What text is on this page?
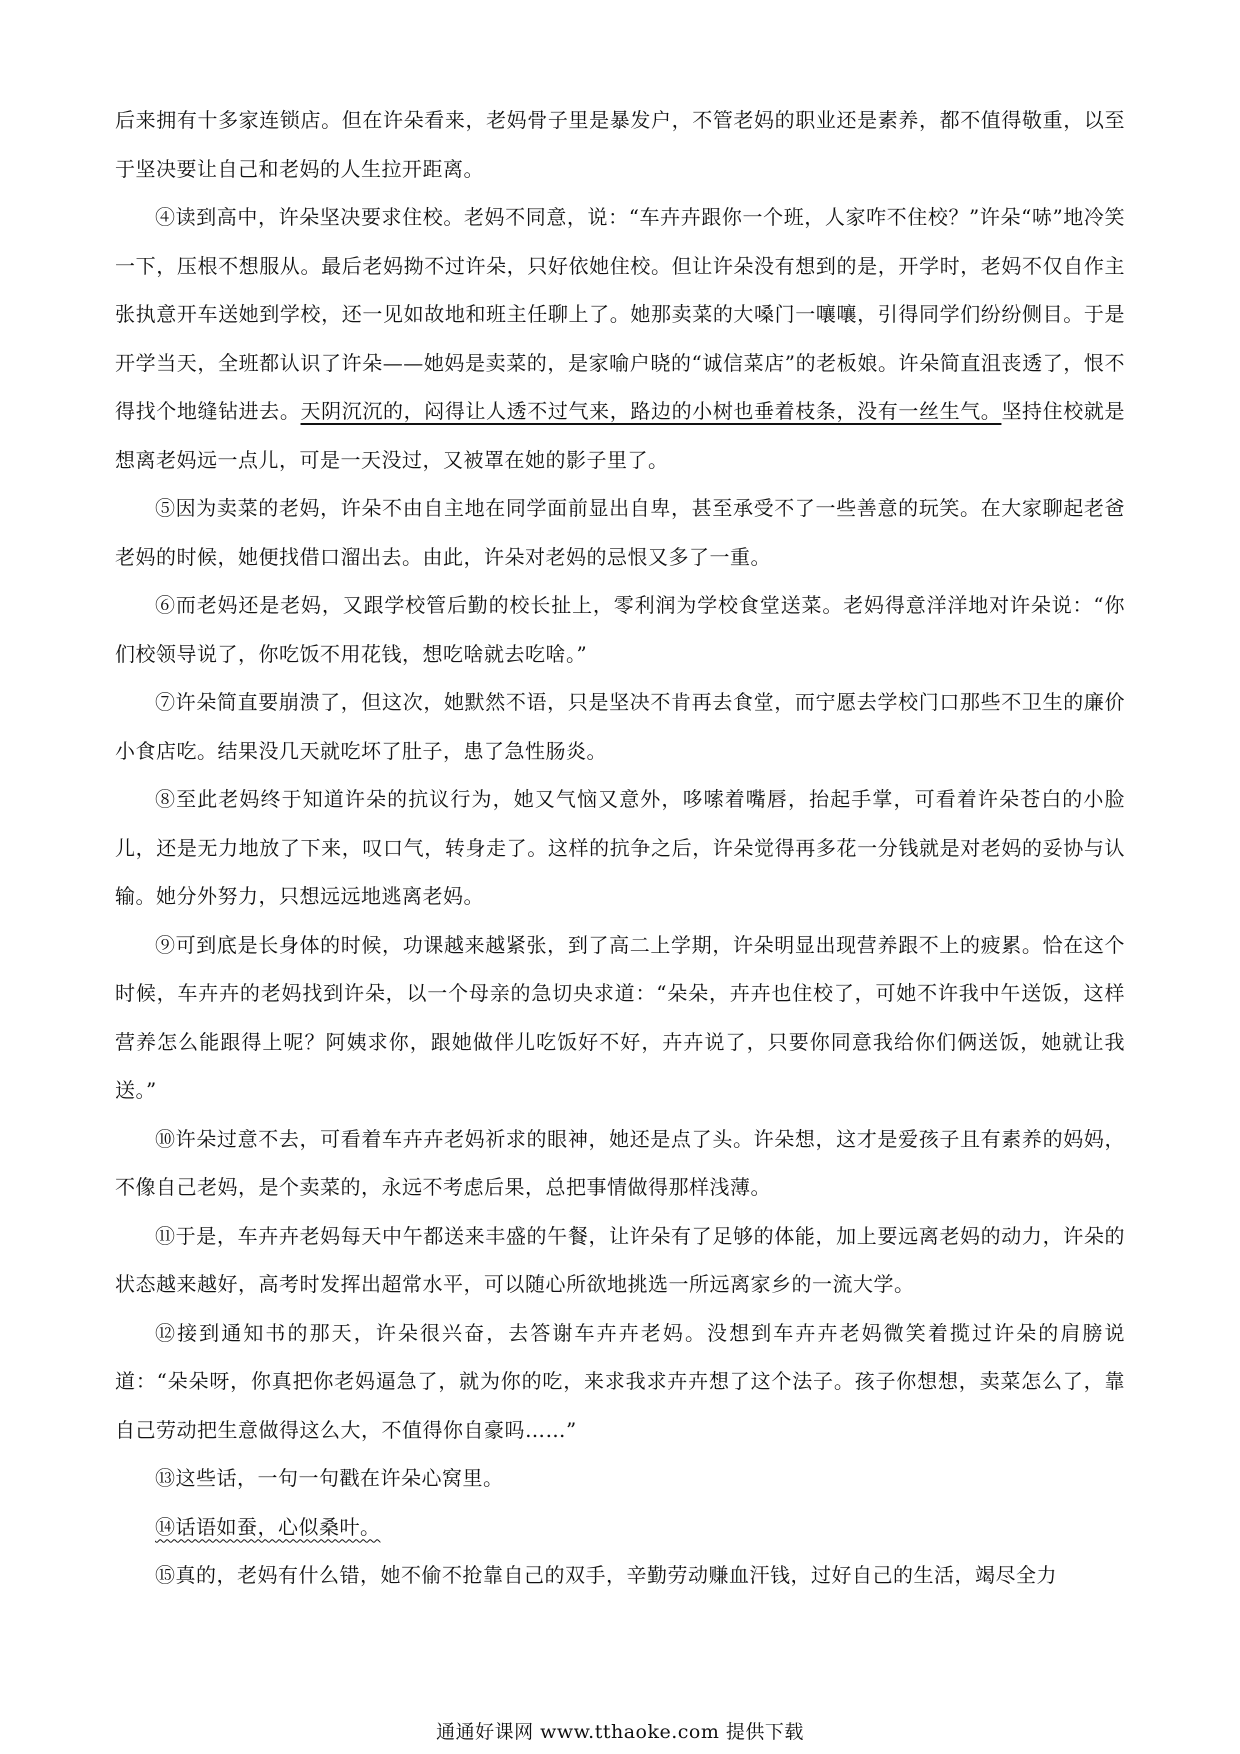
后来拥有十多家连锁店。但在许朵看来，老妈骨子里是暴发户，不管老妈的职业还是素养，都不值得敬重，以至于坚决要让自己和老妈的人生拉开距离。

④读到高中，许朵坚决要求住校。老妈不同意，说：“车卉卉跟你一个班，人家咋不住校？”许朵“哧”地冷笑一下，压根不想服从。最后老妈拗不过许朵，只好依她住校。但让许朵没有想到的是，开学时，老妈不仅自作主张执意开车送她到学校，还一见如故地和班主任聊上了。她那卖菜的大嗓门一嚷嚷，引得同学们纷纷侧目。于是开学当天，全班都认识了许朵——她妈是卖菜的，是家喻户晓的“诚信菜店”的老板娘。许朵简直沮丧透了，恨不得找个地缝钻进去。天阴沉沉的，闷得让人透不过气来，路边的小树也垂着枝条，没有一丝生气。坚持住校就是想离老妈远一点儿，可是一天没过，又被罩在她的影子里了。

⑤因为卖菜的老妈，许朵不由自主地在同学面前显出自卑，甚至承受不了一些善意的玩笑。在大家聊起老爸老妈的时候，她便找借口溜出去。由此，许朵对老妈的忌恨又多了一重。

⑥而老妈还是老妈，又跟学校管后勤的校长扯上，零利润为学校食堂送菜。老妈得意洋洋地对许朵说：“你们校领导说了，你吃饭不用花钱，想吃啥就去吃啥。”

⑦许朵简直要崩溃了，但这次，她默然不语，只是坚决不肯再去食堂，而宁愿去学校门口那些不卫生的廉价小食店吃。结果没几天就吃坏了肚子，患了急性肠炎。

⑧至此老妈终于知道许朵的抗议行为，她又气恼又意外，哆嗦着嘴唇，抬起手掌，可看着许朵苍白的小脸儿，还是无力地放了下来，叹口气，转身走了。这样的抗争之后，许朵觉得再多花一分钱就是对老妈的妥协与认输。她分外努力，只想远远地逃离老妈。

⑨可到底是长身体的时候，功课越来越紧张，到了高二上学期，许朵明显出现营养跟不上的疲累。恰在这个时候，车卉卉的老妈找到许朵，以一个母亲的急切央求道：“朵朵，卉卉也住校了，可她不许我中午送饭，这样营养怎么能跟得上呢？阿姨求你，跟她做伴儿吃饭好不好，卉卉说了，只要你同意我给你们俩送饭，她就让我送。”

⑩许朵过意不去，可看着车卉卉老妈祈求的眼神，她还是点了头。许朵想，这才是爱孩子且有素养的妈妈，不像自己老妈，是个卖菜的，永远不考虑后果，总把事情做得那样浅薄。

⑪于是，车卉卉老妈每天中午都送来丰盛的午餐，让许朵有了足够的体能，加上要远离老妈的动力，许朵的状态越来越好，高考时发挥出超常水平，可以随心所欲地挑选一所远离家乡的一流大学。

⑫接到通知书的那天，许朵很兴奋，去答谢车卉卉老妈。没想到车卉卉老妈微笑着揽过许朵的肩膀说道：“朵朵呀，你真把你老妈逼急了，就为你的吃，来求我求卉卉想了这个法子。孩子你想想，卖菜怎么了，靠自己劳动把生意做得这么大，不值得你自豪吗……”

⑬这些话，一句一句戳在许朵心窝里。

⑭话语如蚕，心似桑叶。

⑮真的，老妈有什么错，她不偷不抢靠自己的双手，辛勤劳动赚血汗钱，过好自己的生活，竭尽全力

通通好课网 www.tthaoke.com 提供下载
